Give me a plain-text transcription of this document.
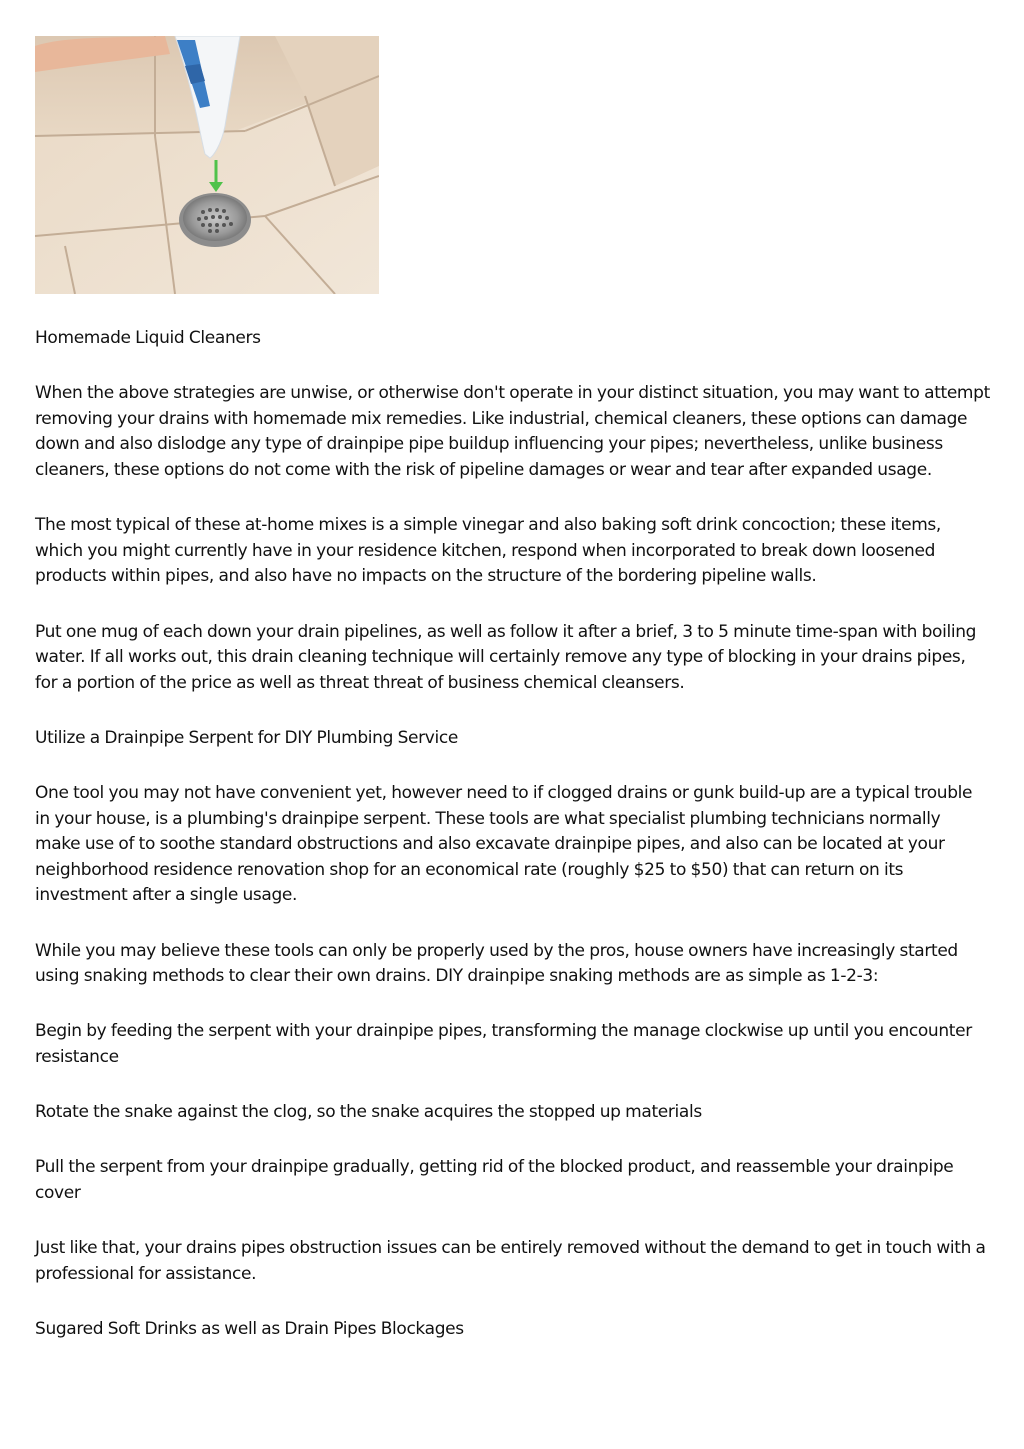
Homemade Liquid Cleaners

When the above strategies are unwise, or otherwise don't operate in your distinct situation, you may want to attempt removing your drains with homemade mix remedies. Like industrial, chemical cleaners, these options can damage down and also dislodge any type of drainpipe pipe buildup influencing your pipes; nevertheless, unlike business cleaners, these options do not come with the risk of pipeline damages or wear and tear after expanded usage.

The most typical of these at-home mixes is a simple vinegar and also baking soft drink concoction; these items, which you might currently have in your residence kitchen, respond when incorporated to break down loosened products within pipes, and also have no impacts on the structure of the bordering pipeline walls.

Put one mug of each down your drain pipelines, as well as follow it after a brief, 3 to 5 minute time-span with boiling water. If all works out, this drain cleaning technique will certainly remove any type of blocking in your drains pipes, for a portion of the price as well as threat threat of business chemical cleansers.

Utilize a Drainpipe Serpent for DIY Plumbing Service

One tool you may not have convenient yet, however need to if clogged drains or gunk build-up are a typical trouble in your house, is a plumbing's drainpipe serpent. These tools are what specialist plumbing technicians normally make use of to soothe standard obstructions and also excavate drainpipe pipes, and also can be located at your neighborhood residence renovation shop for an economical rate (roughly $25 to $50) that can return on its investment after a single usage.

While you may believe these tools can only be properly used by the pros, house owners have increasingly started using snaking methods to clear their own drains. DIY drainpipe snaking methods are as simple as 1-2-3:

Begin by feeding the serpent with your drainpipe pipes, transforming the manage clockwise up until you encounter resistance

Rotate the snake against the clog, so the snake acquires the stopped up materials

Pull the serpent from your drainpipe gradually, getting rid of the blocked product, and reassemble your drainpipe cover

Just like that, your drains pipes obstruction issues can be entirely removed without the demand to get in touch with a professional for assistance.

Sugared Soft Drinks as well as Drain Pipes Blockages
